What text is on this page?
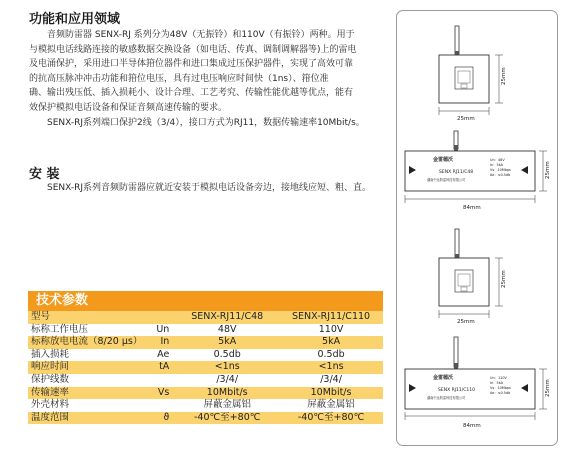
功能和应用领域
音频防雷器 SENX-RJ 系列分为48V（无振铃）和110V（有振铃）两种。用于
与模拟电话线路连接的敏感数据交换设备（如电话、传真、调制调解器等)上的雷电
及电涌保护，采用进口半导体箝位器件和进口集成过压保护器件，实现了高效可靠
的抗高压脉冲冲击功能和箝位电压，具有过电压响应时间快（1ns）、箝位准
确、输出残压低、插入损耗小、设计合理、工艺考究、传输性能优越等优点，能有
效保护模拟电话设备和保证音频高速传输的要求。
SENX-RJ系列端口保护2线（3/4），接口方式为RJ11，数据传输速率10Mbit/s。
安 装
SENX-RJ系列音频防雷器应就近安装于模拟电话设备旁边，接地线应短、粗、直。
技术参数
型号		SENX-RJ11/C48	SENX-RJ11/C110
标称工作电压	Un	48V	110V
标称放电电流（8/20 μs）	In	5kA	5kA
插入损耗	Ae	0.5db	0.5db
响应时间	tA	<1ns	<1ns
保护线数		/3/4/	/3/4/
传输速率	Vs	10Mbit/s	10Mbit/s
外壳材料		屏蔽金属铝	屏蔽金属铝
温度范围	ϑ	-40℃至+80℃	-40℃至+80℃
25mm
25mm
金雷德沃
SENX RJ11/C48
湖南中达防雷科技有限公司
Un：48V
In：5kA
Vs：10Mbps
Ae：≤0.5db
84mm
25mm
25mm
25mm
金雷德沃
SENX RJ11/C110
湖南中达防雷科技有限公司
Un：110V
In：5kA
Vs：10Mbps
Ae：≤0.5db
84mm
25mm
